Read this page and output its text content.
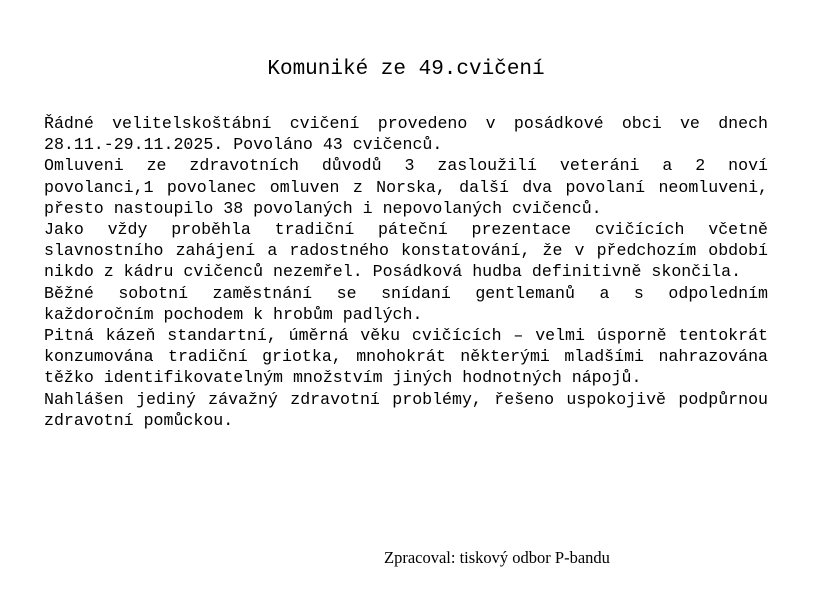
Komuniké ze 49.cvičení

Řádné velitelskoštábní cvičení provedeno v posádkové obci ve dnech 28.11.-29.11.2025. Povoláno 43 cvičenců.

Omluveni ze zdravotních důvodů 3 zasloužilí veteráni a 2 noví povolanci,1 povolanec omluven z Norska, další dva povolaní neomluveni, přesto nastoupilo 38 povolaných i nepovolaných cvičenců.

Jako vždy proběhla tradiční páteční prezentace cvičících včetně slavnostního zahájení a radostného konstatování, že v předchozím období nikdo z kádru cvičenců nezemřel. Posádková hudba definitivně skončila.

Běžné sobotní zaměstnání se snídaní gentlemanů a s odpoledním každoročním pochodem k hrobům padlých.

Pitná kázeň standartní, úměrná věku cvičících – velmi úsporně tentokrát konzumována tradiční griotka, mnohokrát některými mladšími nahrazována těžko identifikovatelným množstvím jiných hodnotných nápojů.

Nahlášen jediný závažný zdravotní problémy, řešeno uspokojivě podpůrnou zdravotní pomůckou.

Zpracoval: tiskový odbor P-bandu
